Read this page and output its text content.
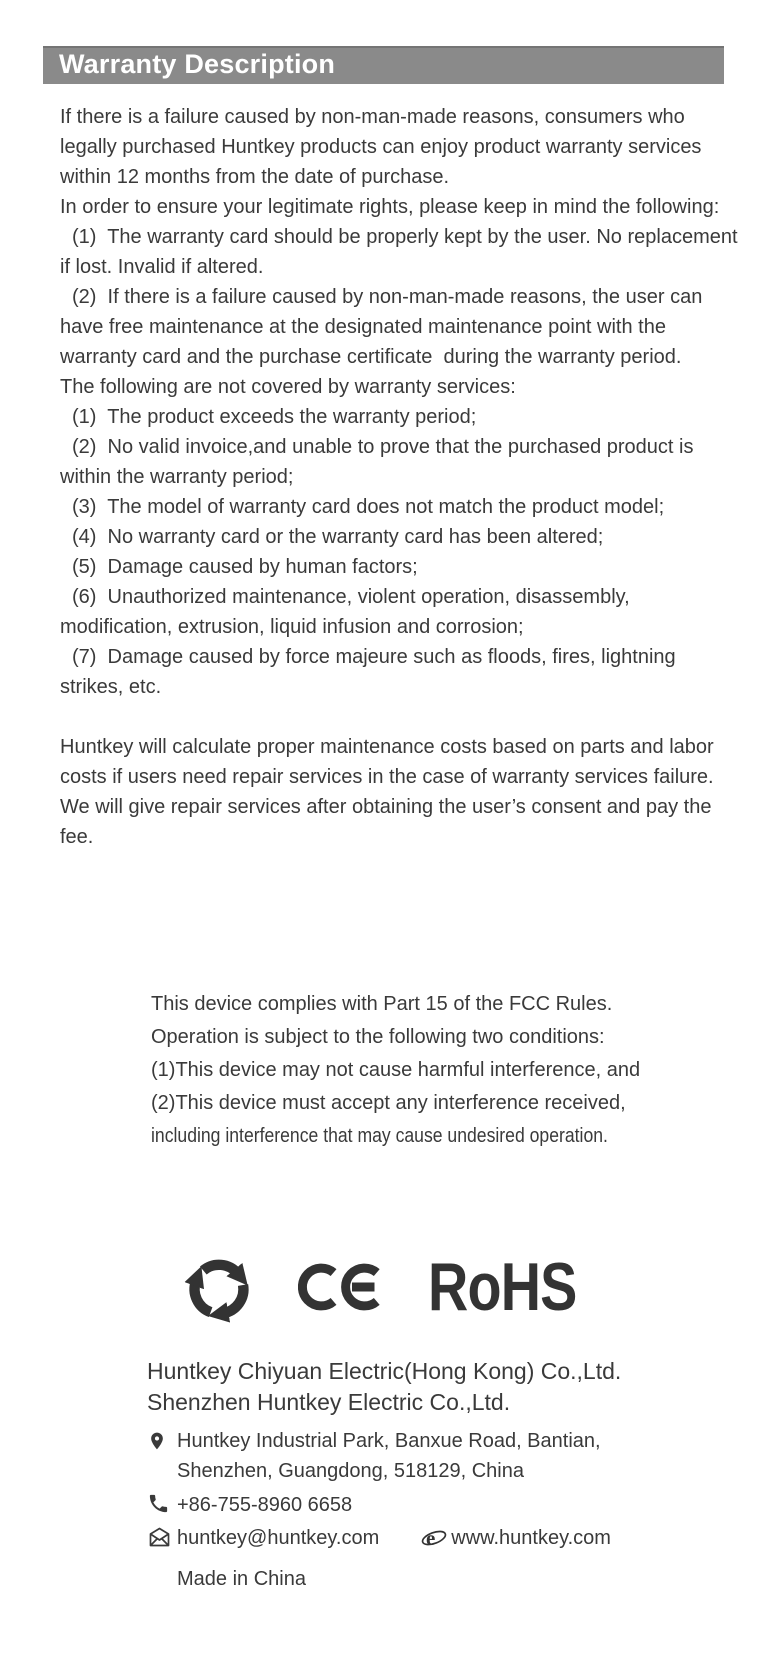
Warranty Description
If there is a failure caused by non-man-made reasons, consumers who
legally purchased Huntkey products can enjoy product warranty services
within 12 months from the date of purchase.
In order to ensure your legitimate rights, please keep in mind the following:
(1)  The warranty card should be properly kept by the user. No replacement
if lost. Invalid if altered.
(2)  If there is a failure caused by non-man-made reasons, the user can
have free maintenance at the designated maintenance point with the
warranty card and the purchase certificate  during the warranty period.
The following are not covered by warranty services:
(1)  The product exceeds the warranty period;
(2)  No valid invoice,and unable to prove that the purchased product is
within the warranty period;
(3)  The model of warranty card does not match the product model;
(4)  No warranty card or the warranty card has been altered;
(5)  Damage caused by human factors;
(6)  Unauthorized maintenance, violent operation, disassembly,
modification, extrusion, liquid infusion and corrosion;
(7)  Damage caused by force majeure such as floods, fires, lightning
strikes, etc.

Huntkey will calculate proper maintenance costs based on parts and labor
costs if users need repair services in the case of warranty services failure.
We will give repair services after obtaining the user’s consent and pay the
fee.
This device complies with Part 15 of the FCC Rules.
Operation is subject to the following two conditions:
(1)This device may not cause harmful interference, and
(2)This device must accept any interference received,
including interference that may cause undesired operation.
RoHS
Huntkey Chiyuan Electric(Hong Kong) Co.,Ltd.
Shenzhen Huntkey Electric Co.,Ltd.
Huntkey Industrial Park, Banxue Road, Bantian,
Shenzhen, Guangdong, 518129, China
+86-755-8960 6658
huntkey@huntkey.com e www.huntkey.com
Made in China
